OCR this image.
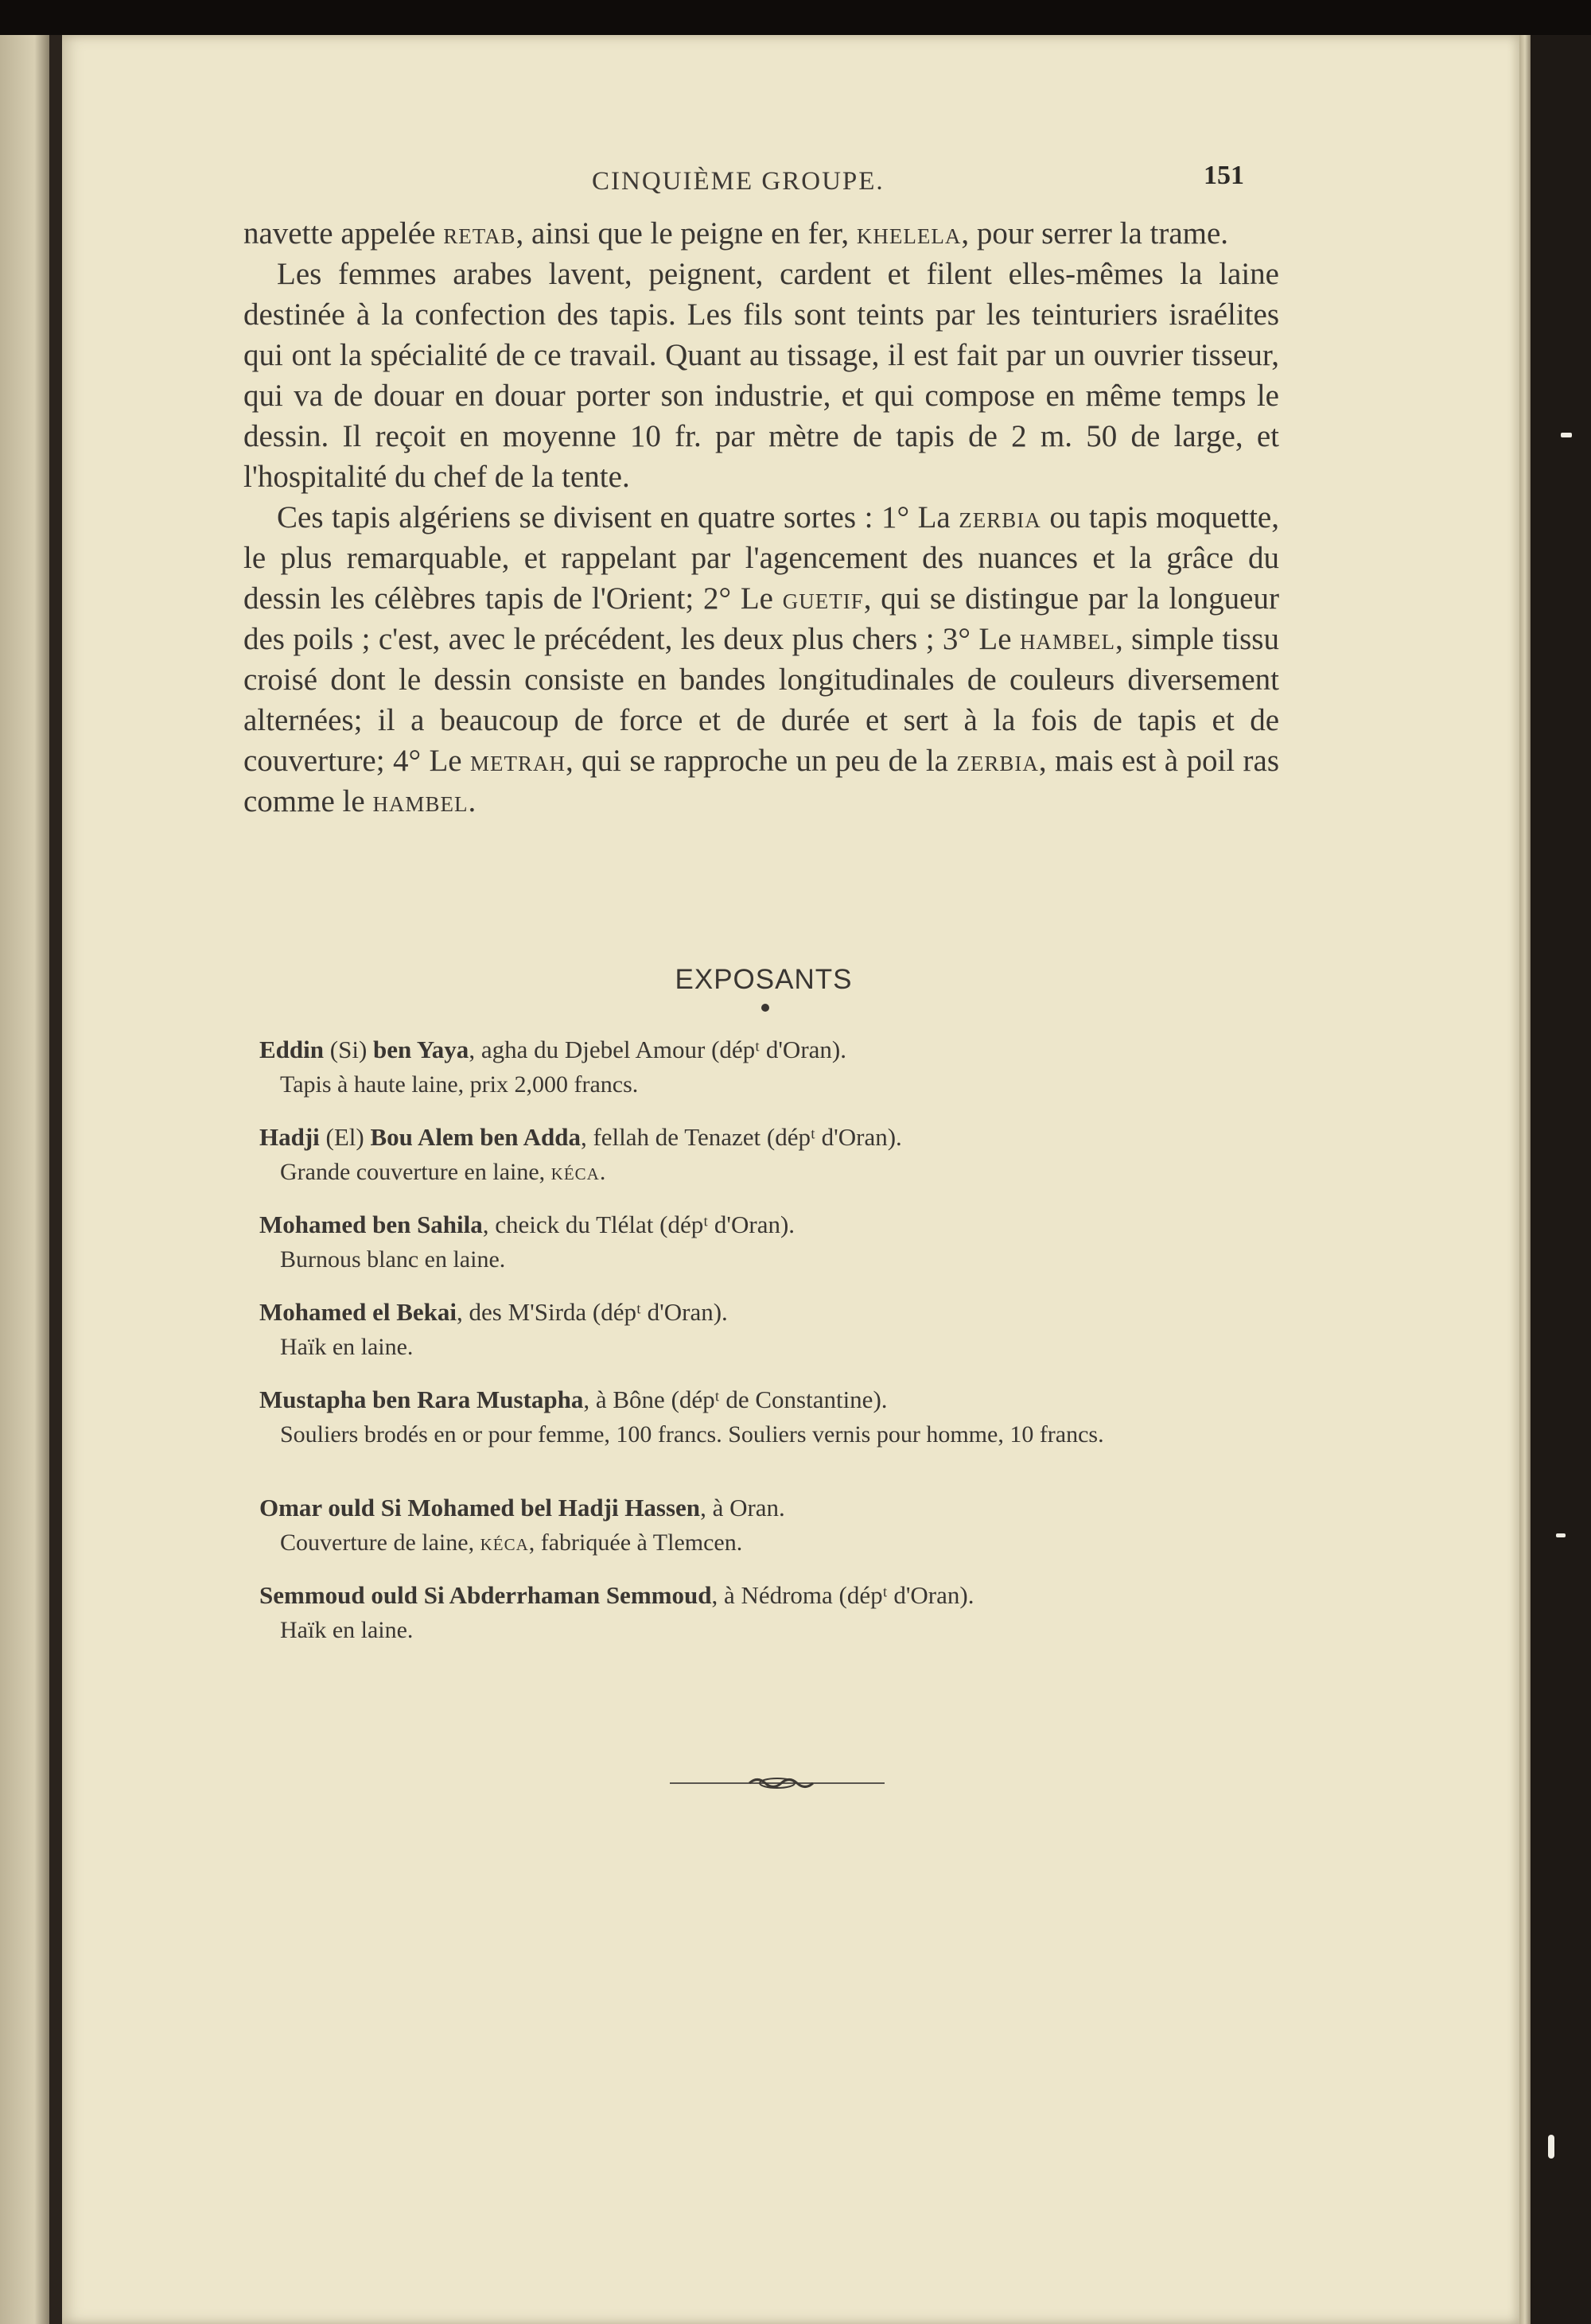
CINQUIÈME GROUPE.	151

navette appelée retab, ainsi que le peigne en fer, khelela, pour serrer la trame.

Les femmes arabes lavent, peignent, cardent et filent elles-mêmes la laine destinée à la confection des tapis. Les fils sont teints par les teinturiers israélites qui ont la spécialité de ce travail. Quant au tissage, il est fait par un ouvrier tisseur, qui va de douar en douar porter son industrie, et qui compose en même temps le dessin. Il reçoit en moyenne 10 fr. par mètre de tapis de 2 m. 50 de large, et l'hospitalité du chef de la tente.

Ces tapis algériens se divisent en quatre sortes : 1° La zerbia ou tapis moquette, le plus remarquable, et rappelant par l'agencement des nuances et la grâce du dessin les célèbres tapis de l'Orient; 2° Le guetif, qui se distingue par la longueur des poils ; c'est, avec le précédent, les deux plus chers ; 3° Le hambel, simple tissu croisé dont le dessin consiste en bandes longitudinales de couleurs diversement alternées; il a beaucoup de force et de durée et sert à la fois de tapis et de couverture; 4° Le metrah, qui se rapproche un peu de la zerbia, mais est à poil ras comme le hambel.

EXPOSANTS
Eddin (Si) ben Yaya, agha du Djebel Amour (dépᵗ d'Oran).
Tapis à haute laine, prix 2,000 francs.
Hadji (El) Bou Alem ben Adda, fellah de Tenazet (dépᵗ d'Oran).
Grande couverture en laine, kéca.
Mohamed ben Sahila, cheick du Tlélat (dépᵗ d'Oran).
Burnous blanc en laine.
Mohamed el Bekai, des M'Sirda (dépᵗ d'Oran).
Haïk en laine.
Mustapha ben Rara Mustapha, à Bône (dépᵗ de Constantine).
Souliers brodés en or pour femme, 100 francs. Souliers vernis pour homme, 10 francs.
Omar ould Si Mohamed bel Hadji Hassen, à Oran.
Couverture de laine, kéca, fabriquée à Tlemcen.
Semmoud ould Si Abderrhaman Semmoud, à Nédroma (dépᵗ d'Oran).
Haïk en laine.
